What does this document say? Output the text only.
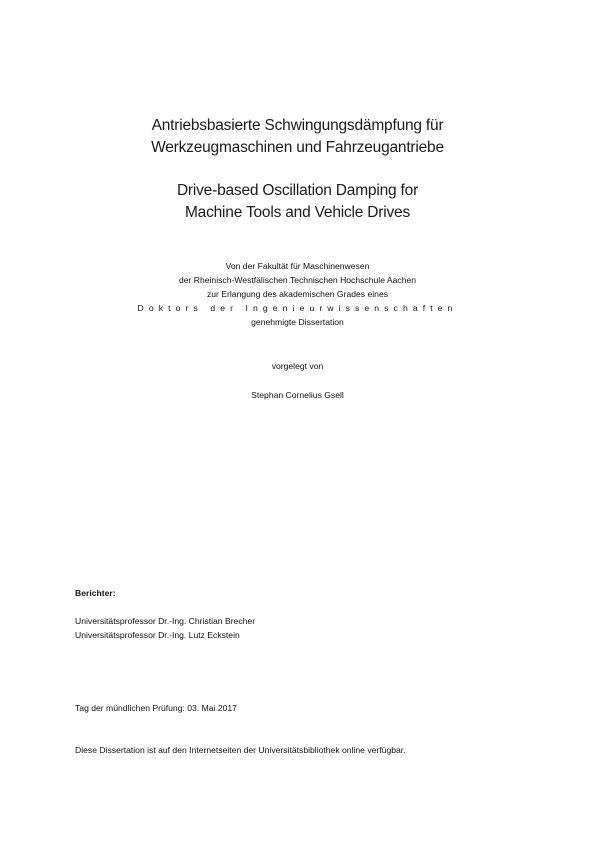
Antriebsbasierte Schwingungsdämpfung für
Werkzeugmaschinen und Fahrzeugantriebe
Drive-based Oscillation Damping for
Machine Tools and Vehicle Drives
Von der Fakultät für Maschinenwesen
der Rheinisch-Westfälischen Technischen Hochschule Aachen
zur Erlangung des akademischen Grades eines
Doktors der Ingenieurwissenschaften
genehmigte Dissertation
vorgelegt von
Stephan Cornelius Gsell
Berichter:
Universitätsprofessor Dr.-Ing. Christian Brecher
Universitätsprofessor Dr.-Ing. Lutz Eckstein
Tag der mündlichen Prüfung: 03. Mai 2017
Diese Dissertation ist auf den Internetseiten der Universitätsbibliothek online verfügbar.
